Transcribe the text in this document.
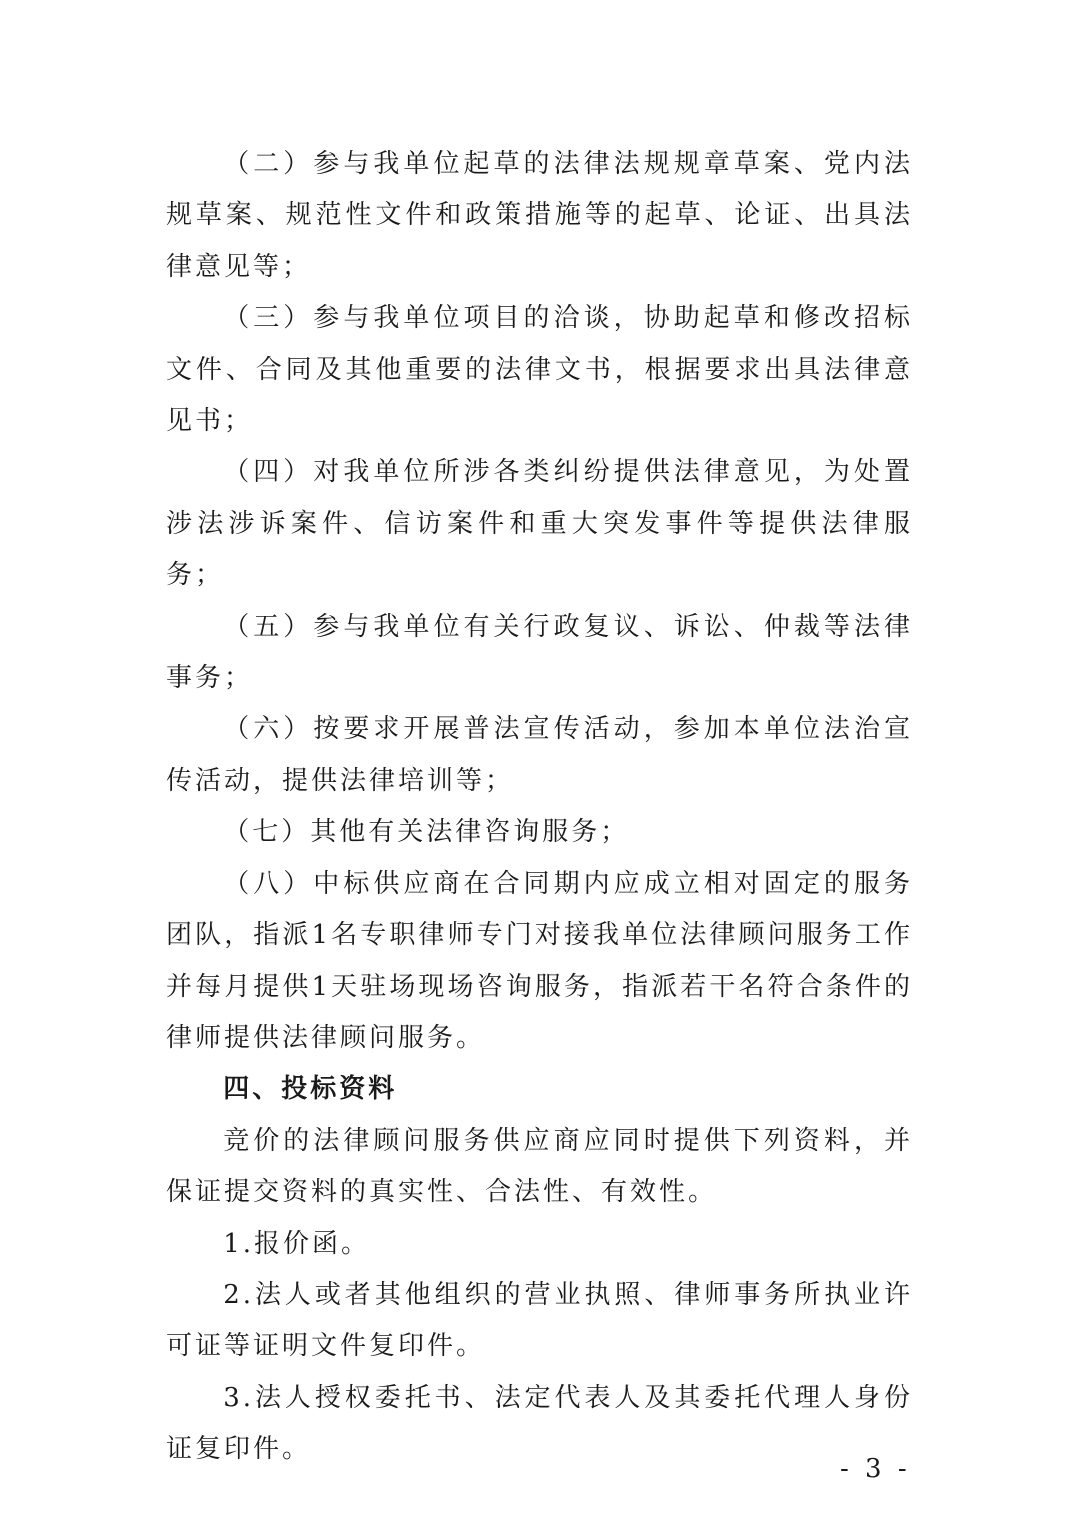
（二）参与我单位起草的法律法规规章草案、党内法规草案、规范性文件和政策措施等的起草、论证、出具法律意见等；

（三）参与我单位项目的洽谈，协助起草和修改招标文件、合同及其他重要的法律文书，根据要求出具法律意见书；

（四）对我单位所涉各类纠纷提供法律意见，为处置涉法涉诉案件、信访案件和重大突发事件等提供法律服务；

（五）参与我单位有关行政复议、诉讼、仲裁等法律事务；

（六）按要求开展普法宣传活动，参加本单位法治宣传活动，提供法律培训等；

（七）其他有关法律咨询服务；

（八）中标供应商在合同期内应成立相对固定的服务团队，指派1名专职律师专门对接我单位法律顾问服务工作并每月提供1天驻场现场咨询服务，指派若干名符合条件的律师提供法律顾问服务。

四、投标资料

竞价的法律顾问服务供应商应同时提供下列资料，并保证提交资料的真实性、合法性、有效性。

1.报价函。

2.法人或者其他组织的营业执照、律师事务所执业许可证等证明文件复印件。

3.法人授权委托书、法定代表人及其委托代理人身份证复印件。

- 3 -
